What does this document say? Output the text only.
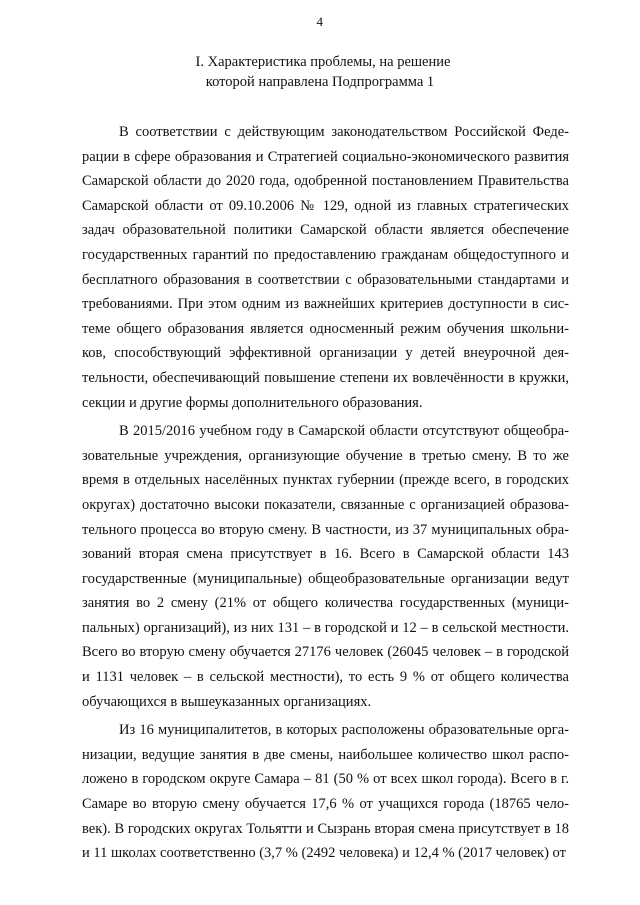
4
I. Характеристика проблемы, на решение
которой направлена Подпрограмма 1

В соответствии с действующим законодательством Российской Федерации в сфере образования и Стратегией социально-экономического развития Самарской области до 2020 года, одобренной постановлением Правительства Самарской области от 09.10.2006 № 129, одной из главных стратегических задач образовательной политики Самарской области является обеспечение государственных гарантий по предоставлению гражданам общедоступного и бесплатного образования в соответствии с образовательными стандартами и требованиями. При этом одним из важнейших критериев доступности в системе общего образования является односменный режим обучения школьников, способствующий эффективной организации у детей внеурочной деятельности, обеспечивающий повышение степени их вовлечённости в кружки, секции и другие формы дополнительного образования.

В 2015/2016 учебном году в Самарской области отсутствуют общеобразовательные учреждения, организующие обучение в третью смену. В то же время в отдельных населённых пунктах губернии (прежде всего, в городских округах) достаточно высоки показатели, связанные с организацией образовательного процесса во вторую смену. В частности, из 37 муниципальных образований вторая смена присутствует в 16. Всего в Самарской области 143 государственные (муниципальные) общеобразовательные организации ведут занятия во 2 смену (21% от общего количества государственных (муниципальных) организаций), из них 131 – в городской и 12 – в сельской местности. Всего во вторую смену обучается 27176 человек (26045 человек – в городской и 1131 человек – в сельской местности), то есть 9 % от общего количества обучающихся в вышеуказанных организациях.

Из 16 муниципалитетов, в которых расположены образовательные организации, ведущие занятия в две смены, наибольшее количество школ расположено в городском округе Самара – 81 (50 % от всех школ города). Всего в г. Самаре во вторую смену обучается 17,6 % от учащихся города (18765 человек). В городских округах Тольятти и Сызрань вторая смена присутствует в 18 и 11 школах соответственно (3,7 % (2492 человека) и 12,4 % (2017 человек) от
